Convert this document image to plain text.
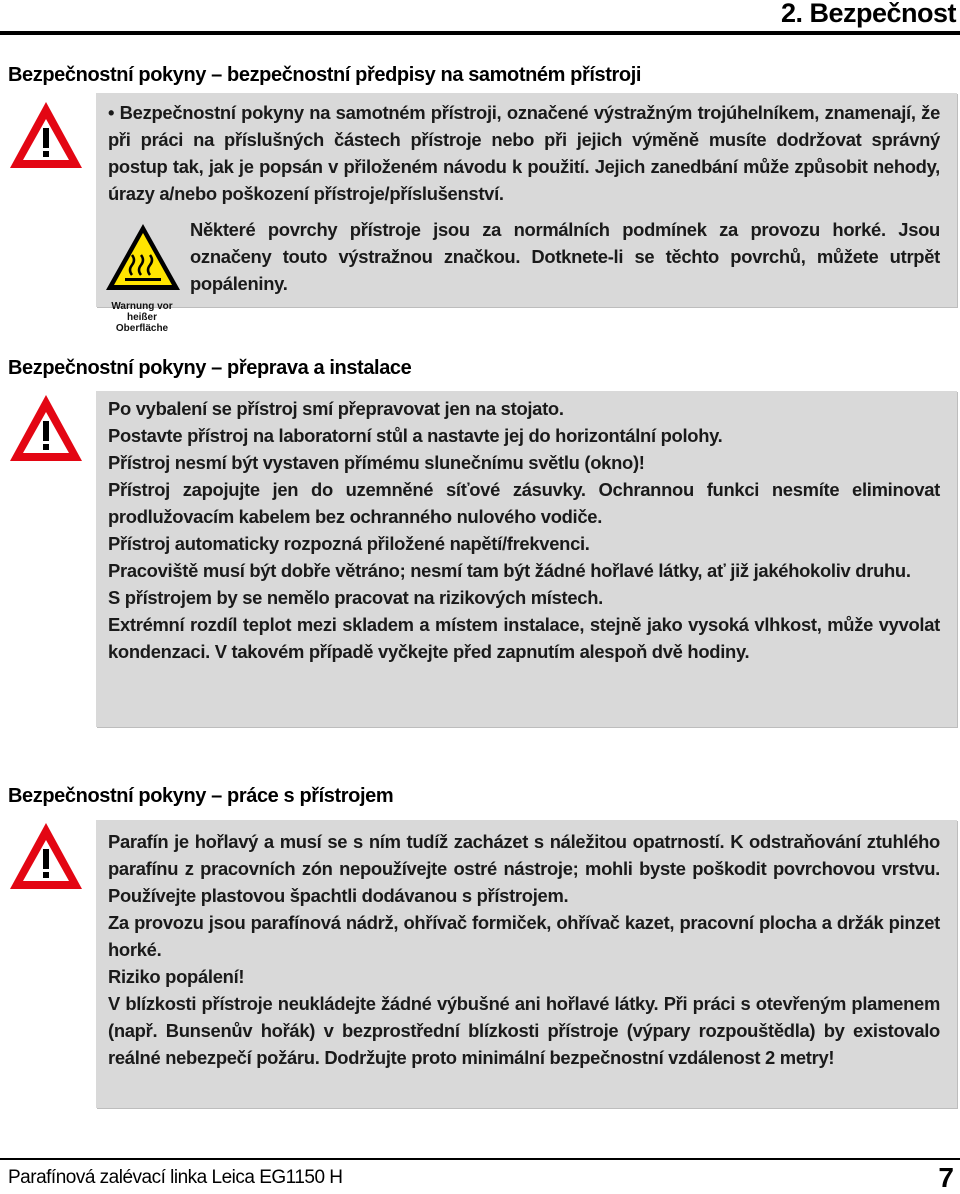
2. Bezpečnost
Bezpečnostní pokyny – bezpečnostní předpisy na samotném přístroji

• Bezpečnostní pokyny na samotném přístroji, označené výstražným trojúhelníkem, znamenají, že při práci na příslušných částech přístroje nebo při jejich výměně musíte dodržovat správný postup tak, jak je popsán v přiloženém návodu k použití. Jejich zanedbání může způsobit nehody, úrazy a/nebo poškození přístroje/příslušenství.

Některé povrchy přístroje jsou za normálních podmínek za provozu horké. Jsou označeny touto výstražnou značkou. Dotknete-li se těchto povrchů, můžete utrpět popáleniny.

Warnung vor heißer
Oberfläche
Bezpečnostní pokyny – přeprava a instalace

Po vybalení se přístroj smí přepravovat jen na stojato.

Postavte přístroj na laboratorní stůl a nastavte jej do horizontální polohy.

Přístroj nesmí být vystaven přímému slunečnímu světlu (okno)!

Přístroj zapojujte jen do uzemněné síťové zásuvky. Ochrannou funkci nesmíte eliminovat prodlužovacím kabelem bez ochranného nulového vodiče.

Přístroj automaticky rozpozná přiložené napětí/frekvenci.

Pracoviště musí být dobře větráno; nesmí tam být žádné hořlavé látky, ať již jakéhokoliv druhu.

S přístrojem by se nemělo pracovat na rizikových místech.

Extrémní rozdíl teplot mezi skladem a místem instalace, stejně jako vysoká vlhkost, může vyvolat kondenzaci. V takovém případě vyčkejte před zapnutím alespoň dvě hodiny.

Bezpečnostní pokyny – práce s přístrojem

Parafín je hořlavý a musí se s ním tudíž zacházet s náležitou opatrností. K odstraňování ztuhlého parafínu z pracovních zón nepoužívejte ostré nástroje; mohli byste poškodit povrchovou vrstvu. Používejte plastovou špachtli dodávanou s přístrojem.

Za provozu jsou parafínová nádrž, ohřívač formiček, ohřívač kazet, pracovní plocha a držák pinzet horké.

Riziko popálení!

V blízkosti přístroje neukládejte žádné výbušné ani hořlavé látky. Při práci s otevřeným plamenem (např. Bunsenův hořák) v bezprostřední blízkosti přístroje (výpary rozpouštědla) by existovalo reálné nebezpečí požáru. Dodržujte proto minimální bezpečnostní vzdálenost 2 metry!

Parafínová zalévací linka Leica EG1150 H	7
